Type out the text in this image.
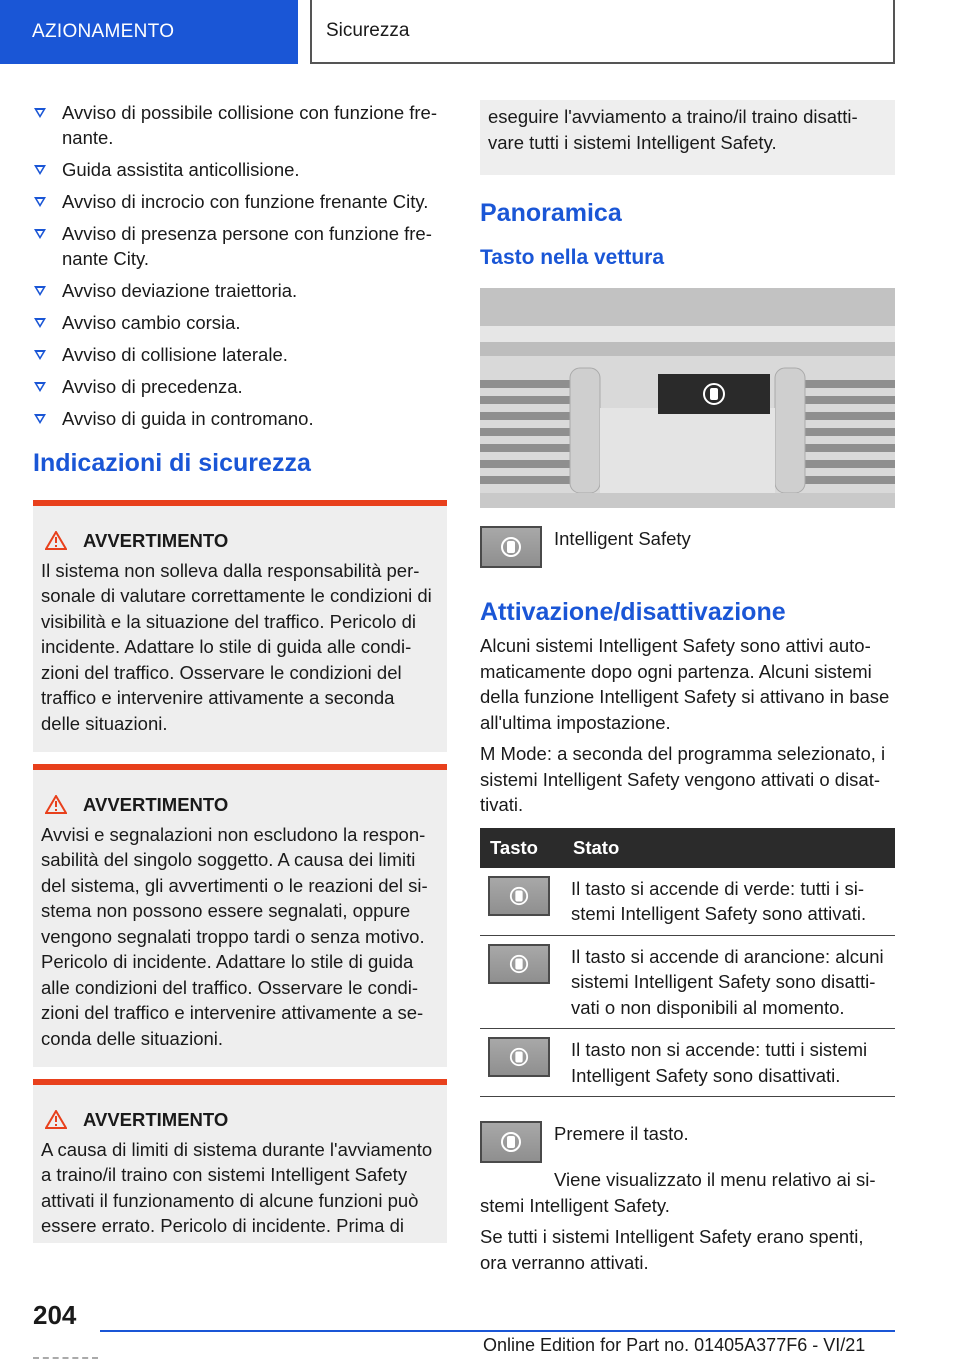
AZIONAMENTO	Sicurezza
Avviso di possibile collisione con funzione fre-nante.
Guida assistita anticollisione.
Avviso di incrocio con funzione frenante City.
Avviso di presenza persone con funzione fre-nante City.
Avviso deviazione traiettoria.
Avviso cambio corsia.
Avviso di collisione laterale.
Avviso di precedenza.
Avviso di guida in contromano.
Indicazioni di sicurezza
AVVERTIMENTO
Il sistema non solleva dalla responsabilità per-sonale di valutare correttamente le condizioni di visibilità e la situazione del traffico. Pericolo di incidente. Adattare lo stile di guida alle condi-zioni del traffico. Osservare le condizioni del traffico e intervenire attivamente a seconda delle situazioni.
AVVERTIMENTO
Avvisi e segnalazioni non escludono la respon-sabilità del singolo soggetto. A causa dei limiti del sistema, gli avvertimenti o le reazioni del si-stema non possono essere segnalati, oppure vengono segnalati troppo tardi o senza motivo. Pericolo di incidente. Adattare lo stile di guida alle condizioni del traffico. Osservare le condi-zioni del traffico e intervenire attivamente a se-conda delle situazioni.
AVVERTIMENTO
A causa di limiti di sistema durante l'avviamento a traino/il traino con sistemi Intelligent Safety attivati il funzionamento di alcune funzioni può essere errato. Pericolo di incidente. Prima di
eseguire l'avviamento a traino/il traino disatti-vare tutti i sistemi Intelligent Safety.
Panoramica
Tasto nella vettura

Intelligent Safety

Attivazione/disattivazione

Alcuni sistemi Intelligent Safety sono attivi auto-maticamente dopo ogni partenza. Alcuni sistemi della funzione Intelligent Safety si attivano in base all'ultima impostazione.

M Mode: a seconda del programma selezionato, i sistemi Intelligent Safety vengono attivati o disat-tivati.

Tasto	Stato

	Il tasto si accende di verde: tutti i si-stemi Intelligent Safety sono attivati.

	Il tasto si accende di arancione: alcuni sistemi Intelligent Safety sono disatti-vati o non disponibili al momento.

	Il tasto non si accende: tutti i sistemi Intelligent Safety sono disattivati.

Premere il tasto.

Viene visualizzato il menu relativo ai si-stemi Intelligent Safety.

Se tutti i sistemi Intelligent Safety erano spenti, ora verranno attivati.

204
Online Edition for Part no. 01405A377F6 - VI/21
